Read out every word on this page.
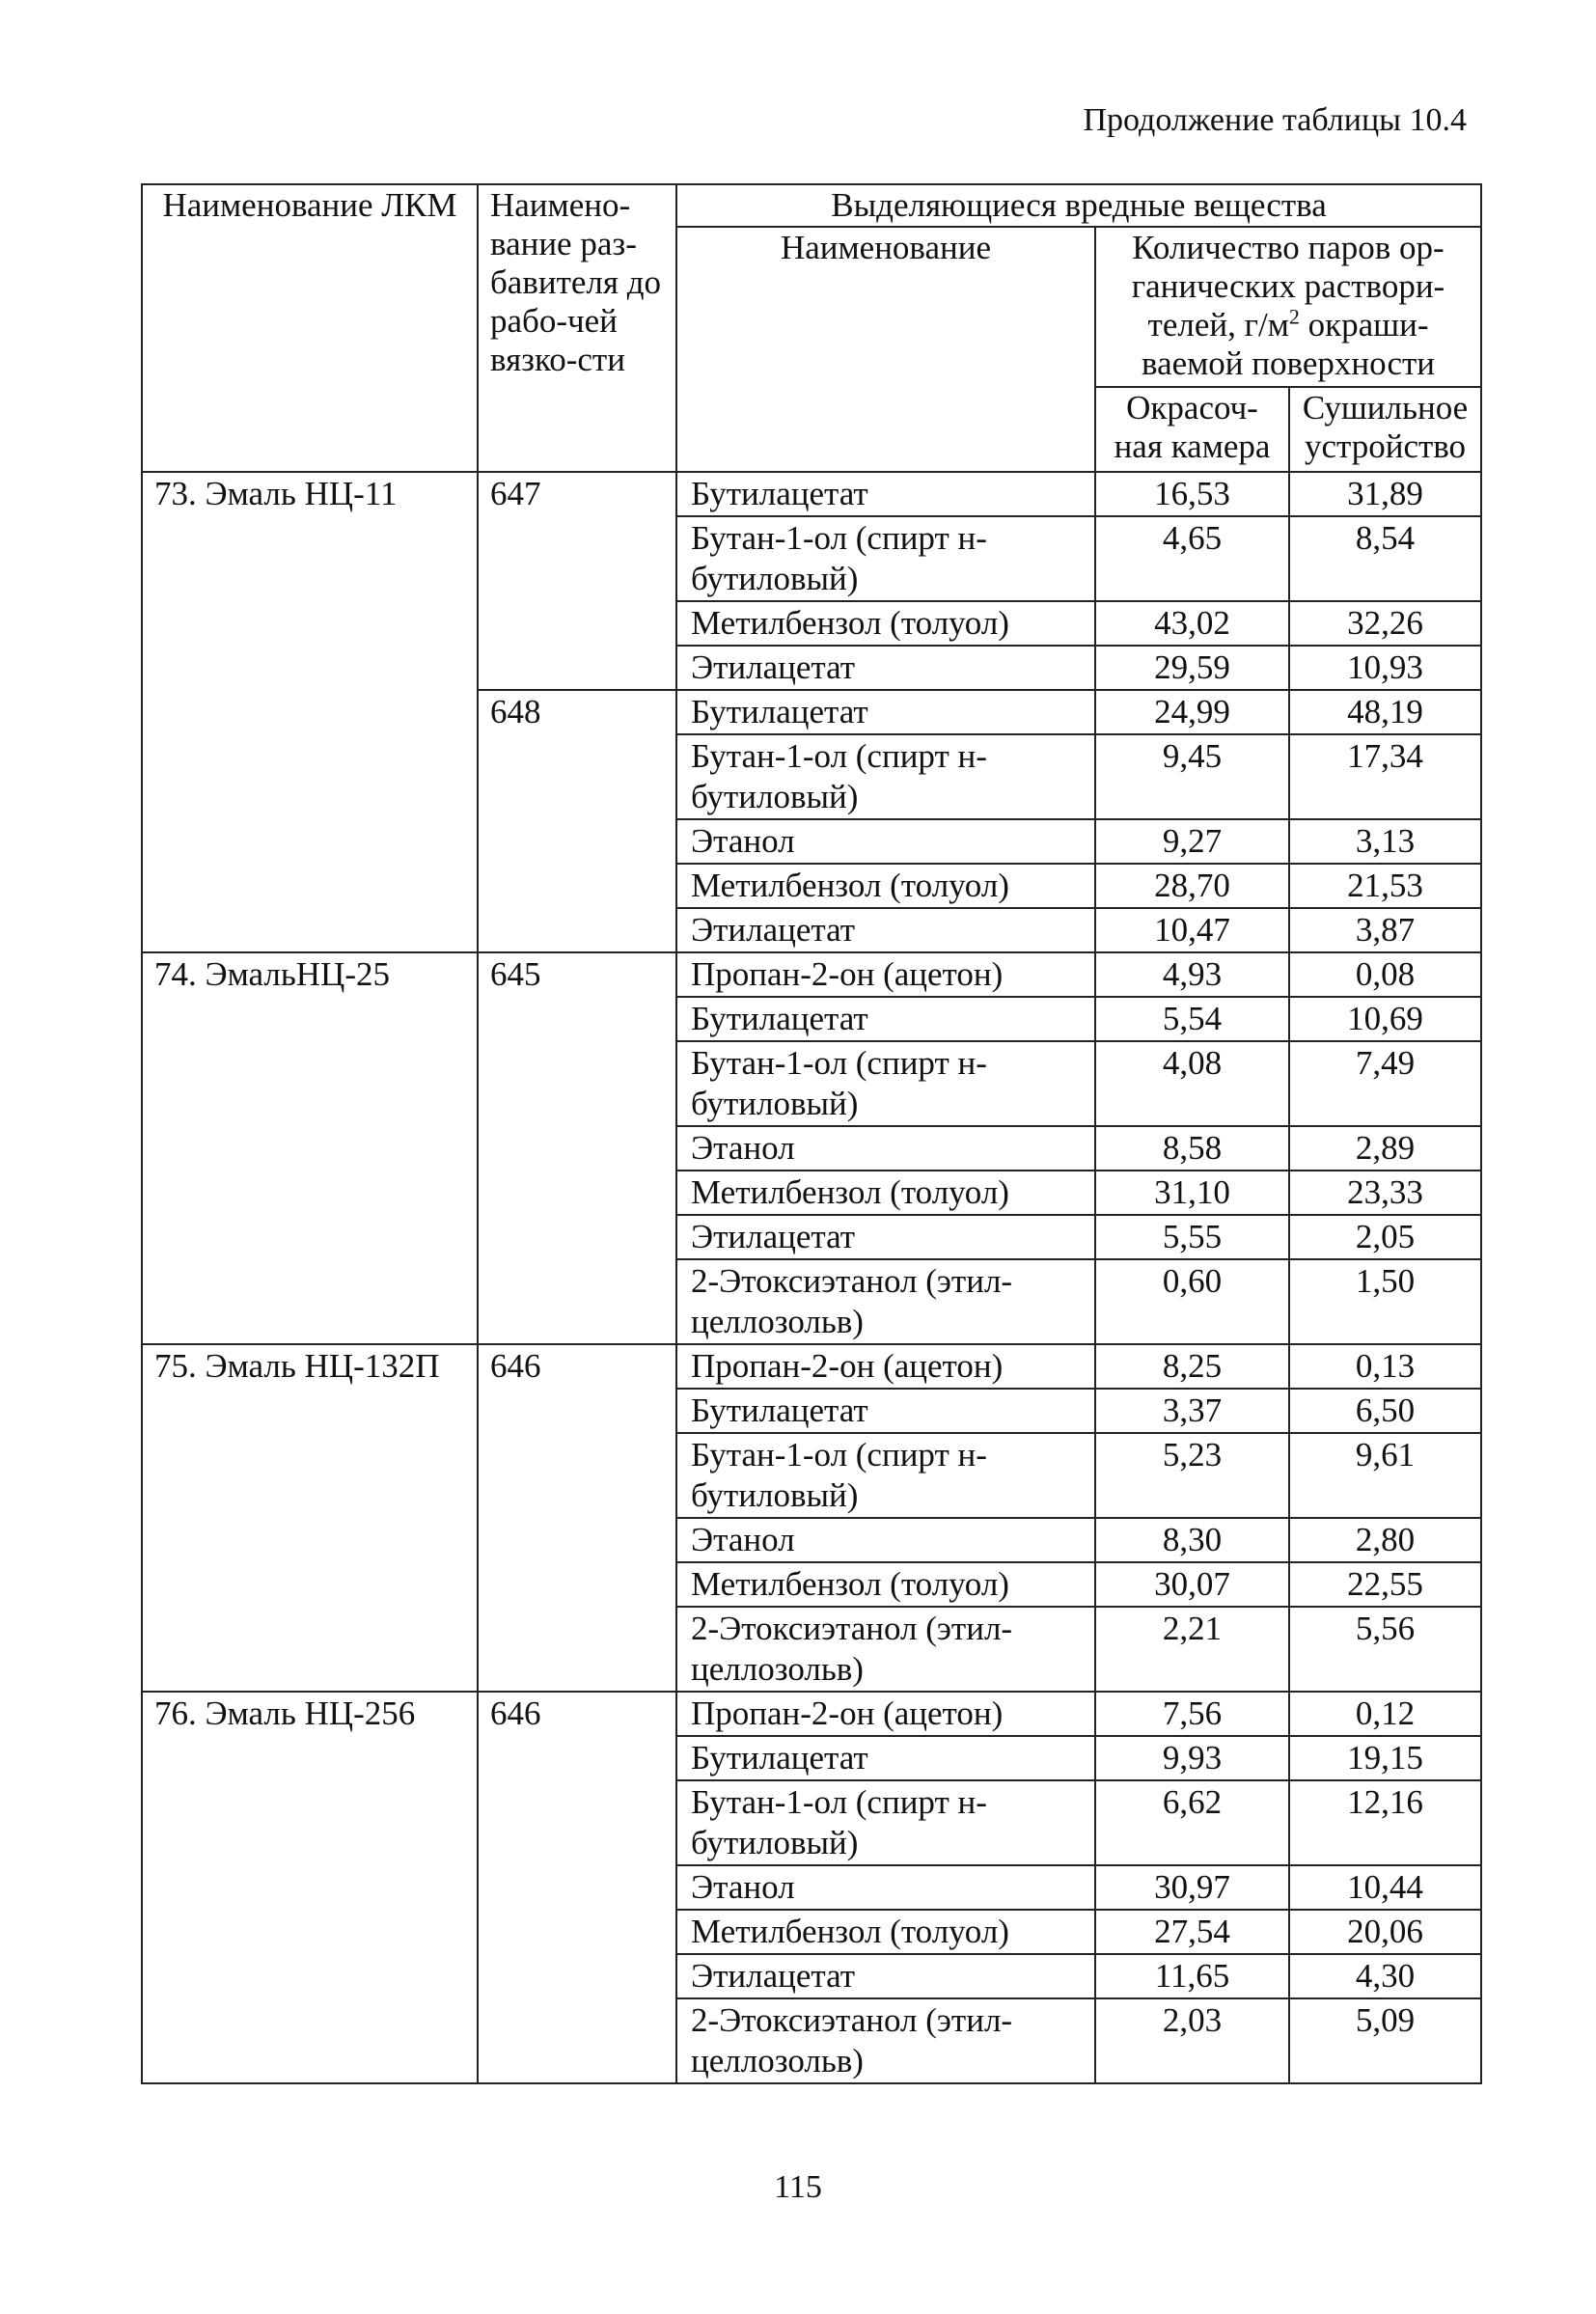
Продолжение таблицы 10.4
Наименование ЛКМ	Наимено-вание раз-бавителя до рабо-чей вязко-сти	Выделяющиеся вредные вещества		
		Наименование	Количество паров ор-ганических раствори-телей, $г/м^2$ окраши-ваемой поверхности	
			Окрасоч-ная камера	Сушильное устройство
73. Эмаль НЦ-11	647	Бутилацетат	16,53	31,89
		Бутан-1-ол (спирт н-бутиловый)	4,65	8,54
		Метилбензол (толуол)	43,02	32,26
		Этилацетат	29,59	10,93
	648	Бутилацетат	24,99	48,19
		Бутан-1-ол (спирт н-бутиловый)	9,45	17,34
		Этанол	9,27	3,13
		Метилбензол (толуол)	28,70	21,53
		Этилацетат	10,47	3,87
74. ЭмальНЦ-25	645	Пропан-2-он (ацетон)	4,93	0,08
		Бутилацетат	5,54	10,69
		Бутан-1-ол (спирт н-бутиловый)	4,08	7,49
		Этанол	8,58	2,89
		Метилбензол (толуол)	31,10	23,33
		Этилацетат	5,55	2,05
		2-Этоксиэтанол (этил-целлозольв)	0,60	1,50
75. Эмаль НЦ-132П	646	Пропан-2-он (ацетон)	8,25	0,13
		Бутилацетат	3,37	6,50
		Бутан-1-ол (спирт н-бутиловый)	5,23	9,61
		Этанол	8,30	2,80
		Метилбензол (толуол)	30,07	22,55
		2-Этоксиэтанол (этил-целлозольв)	2,21	5,56
76. Эмаль НЦ-256	646	Пропан-2-он (ацетон)	7,56	0,12
		Бутилацетат	9,93	19,15
		Бутан-1-ол (спирт н-бутиловый)	6,62	12,16
		Этанол	30,97	10,44
		Метилбензол (толуол)	27,54	20,06
		Этилацетат	11,65	4,30
		2-Этоксиэтанол (этил-целлозольв)	2,03	5,09
115
